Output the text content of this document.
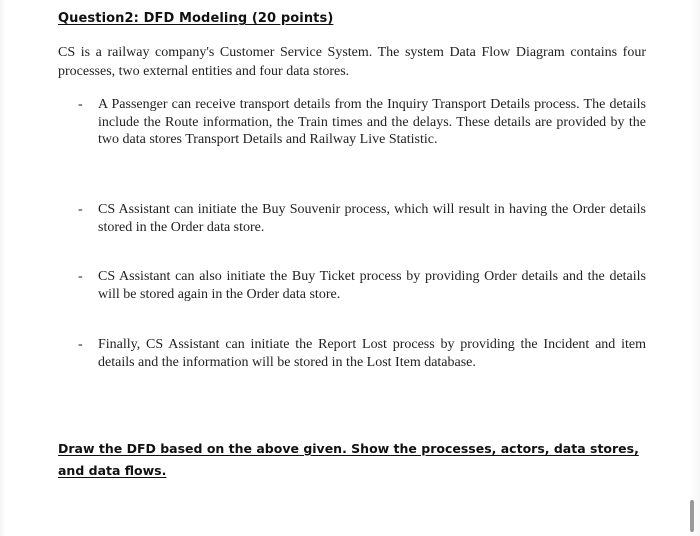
Question2: DFD Modeling (20 points)
CS is a railway company's Customer Service System. The system Data Flow Diagram contains four processes, two external entities and four data stores.
-	A Passenger can receive transport details from the Inquiry Transport Details process. The details include the Route information, the Train times and the delays. These details are provided by the two data stores Transport Details and Railway Live Statistic.
-	CS Assistant can initiate the Buy Souvenir process, which will result in having the Order details stored in the Order data store.
-	CS Assistant can also initiate the Buy Ticket process by providing Order details and the details will be stored again in the Order data store.
-	Finally, CS Assistant can initiate the Report Lost process by providing the Incident and item details and the information will be stored in the Lost Item database.
Draw the DFD based on the above given. Show the processes, actors, data stores, and data flows.
